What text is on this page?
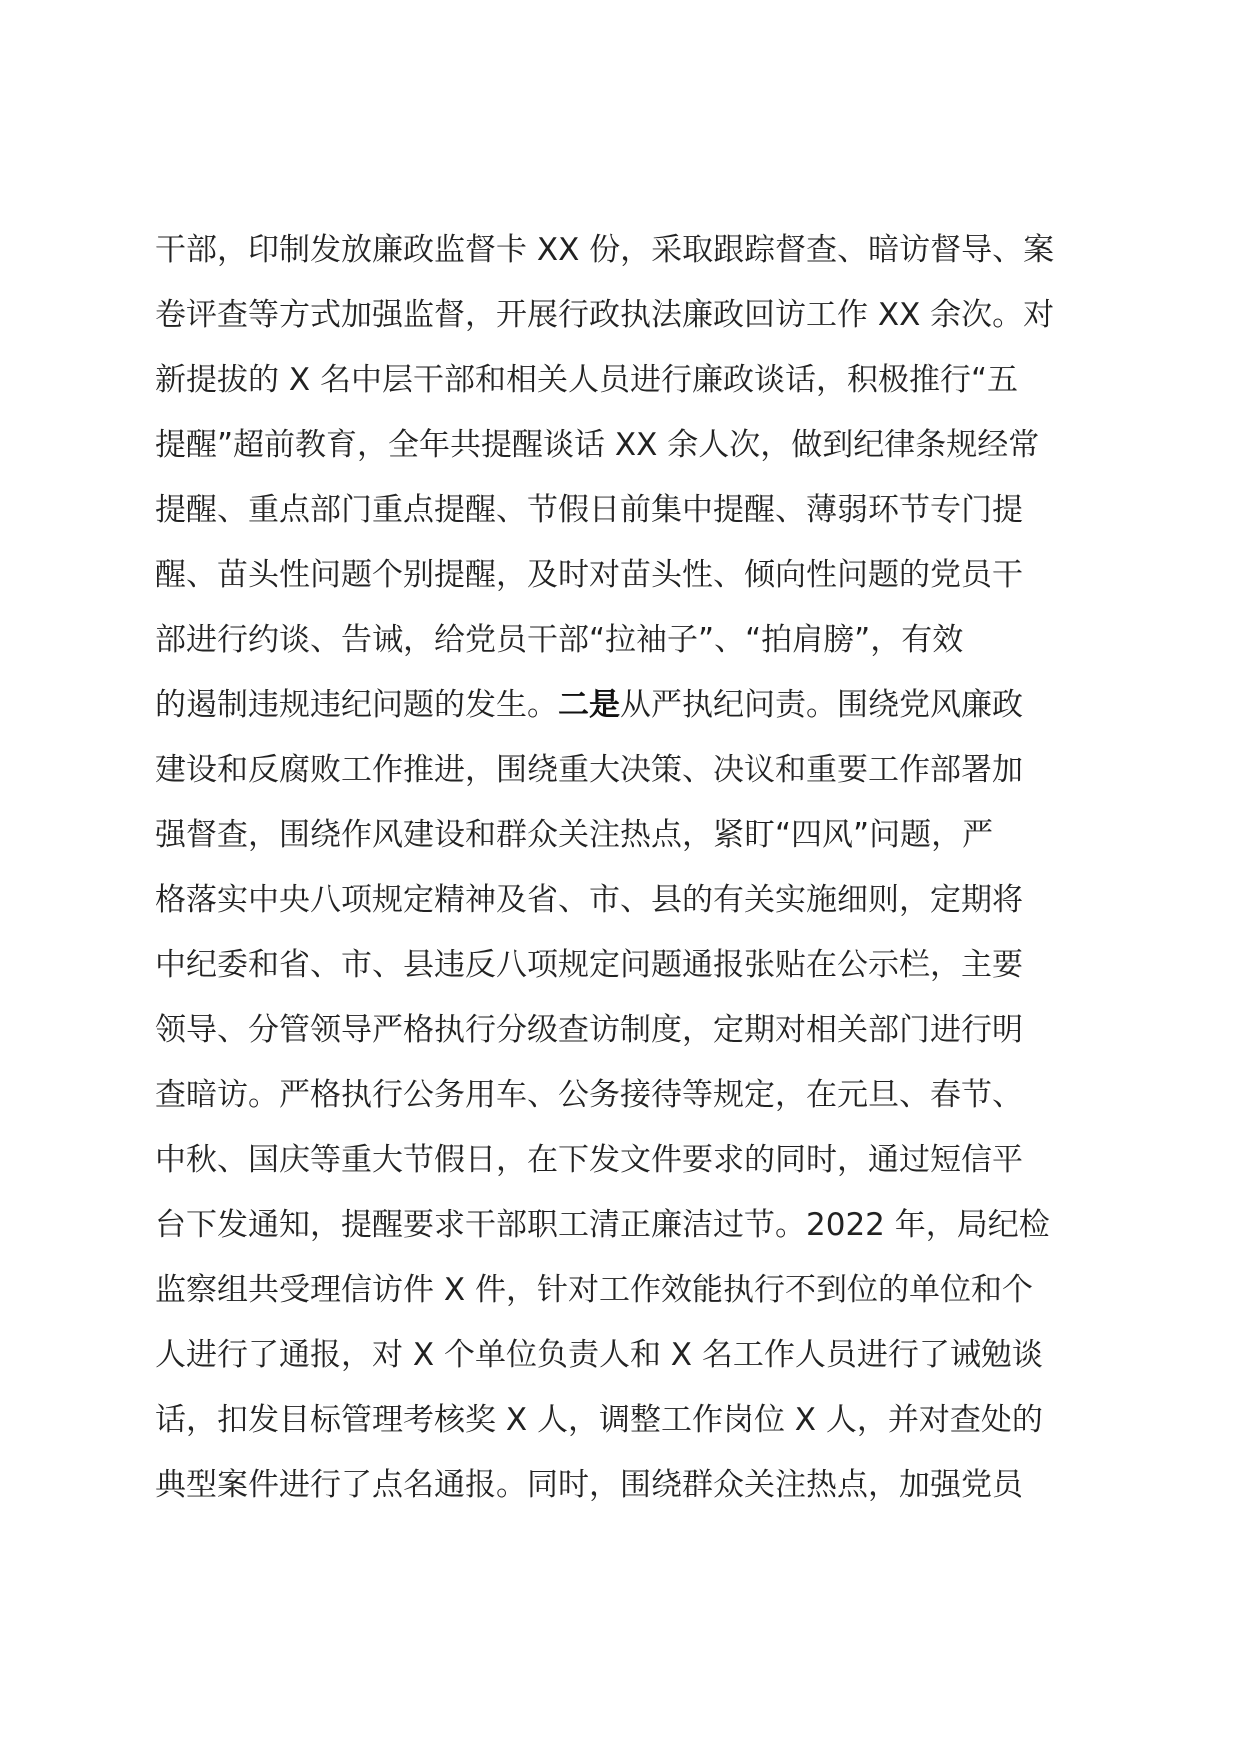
干部，印制发放廉政监督卡 XX 份，采取跟踪督查、暗访督导、案
卷评查等方式加强监督，开展行政执法廉政回访工作 XX 余次。对
新提拔的 X 名中层干部和相关人员进行廉政谈话，积极推行“五
提醒”超前教育，全年共提醒谈话 XX 余人次，做到纪律条规经常
提醒、重点部门重点提醒、节假日前集中提醒、薄弱环节专门提
醒、苗头性问题个别提醒，及时对苗头性、倾向性问题的党员干
部进行约谈、告诫，给党员干部“拉袖子”、“拍肩膀”，有效
的遏制违规违纪问题的发生。二是从严执纪问责。围绕党风廉政
建设和反腐败工作推进，围绕重大决策、决议和重要工作部署加
强督查，围绕作风建设和群众关注热点，紧盯“四风”问题，严
格落实中央八项规定精神及省、市、县的有关实施细则，定期将
中纪委和省、市、县违反八项规定问题通报张贴在公示栏，主要
领导、分管领导严格执行分级查访制度，定期对相关部门进行明
查暗访。严格执行公务用车、公务接待等规定，在元旦、春节、
中秋、国庆等重大节假日，在下发文件要求的同时，通过短信平
台下发通知，提醒要求干部职工清正廉洁过节。2022 年，局纪检
监察组共受理信访件 X 件，针对工作效能执行不到位的单位和个
人进行了通报，对 X 个单位负责人和 X 名工作人员进行了诫勉谈
话，扣发目标管理考核奖 X 人，调整工作岗位 X 人，并对查处的
典型案件进行了点名通报。同时，围绕群众关注热点，加强党员
